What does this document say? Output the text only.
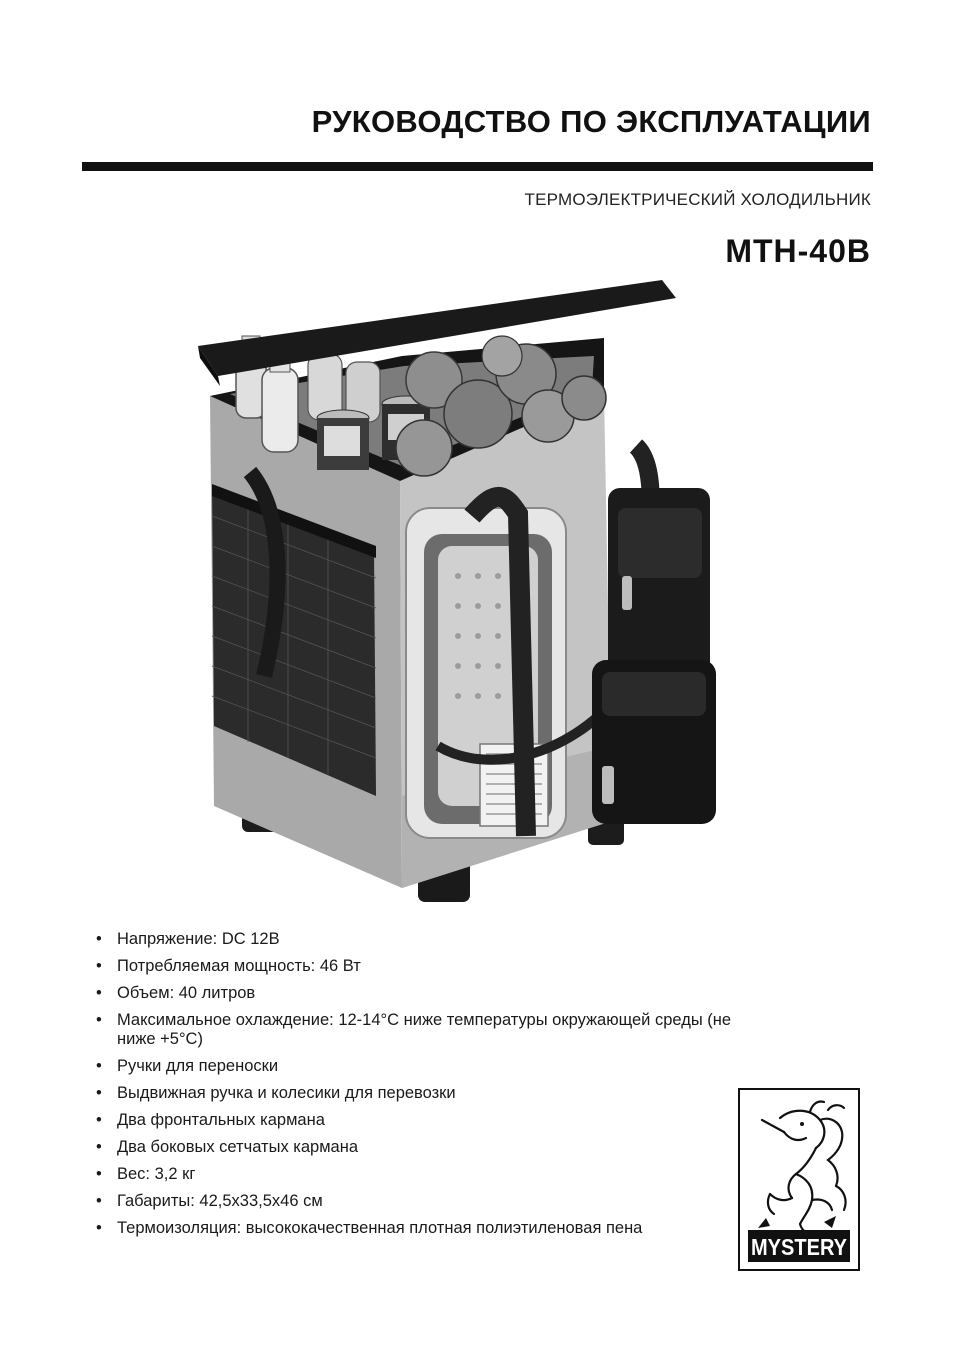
РУКОВОДСТВО ПО ЭКСПЛУАТАЦИИ
ТЕРМОЭЛЕКТРИЧЕСКИЙ ХОЛОДИЛЬНИК
MTH-40B
• Напряжение: DC 12В
• Потребляемая мощность: 46 Вт
• Объем: 40 литров
• Максимальное охлаждение: 12-14°C ниже температуры окружающей среды (не ниже +5°C)
• Ручки для переноски
• Выдвижная ручка и колесики для перевозки
• Два фронтальных кармана
• Два боковых сетчатых кармана
• Вес: 3,2 кг
• Габариты: 42,5х33,5х46 см
• Термоизоляция: высококачественная плотная полиэтиленовая пена
MYSTERY
